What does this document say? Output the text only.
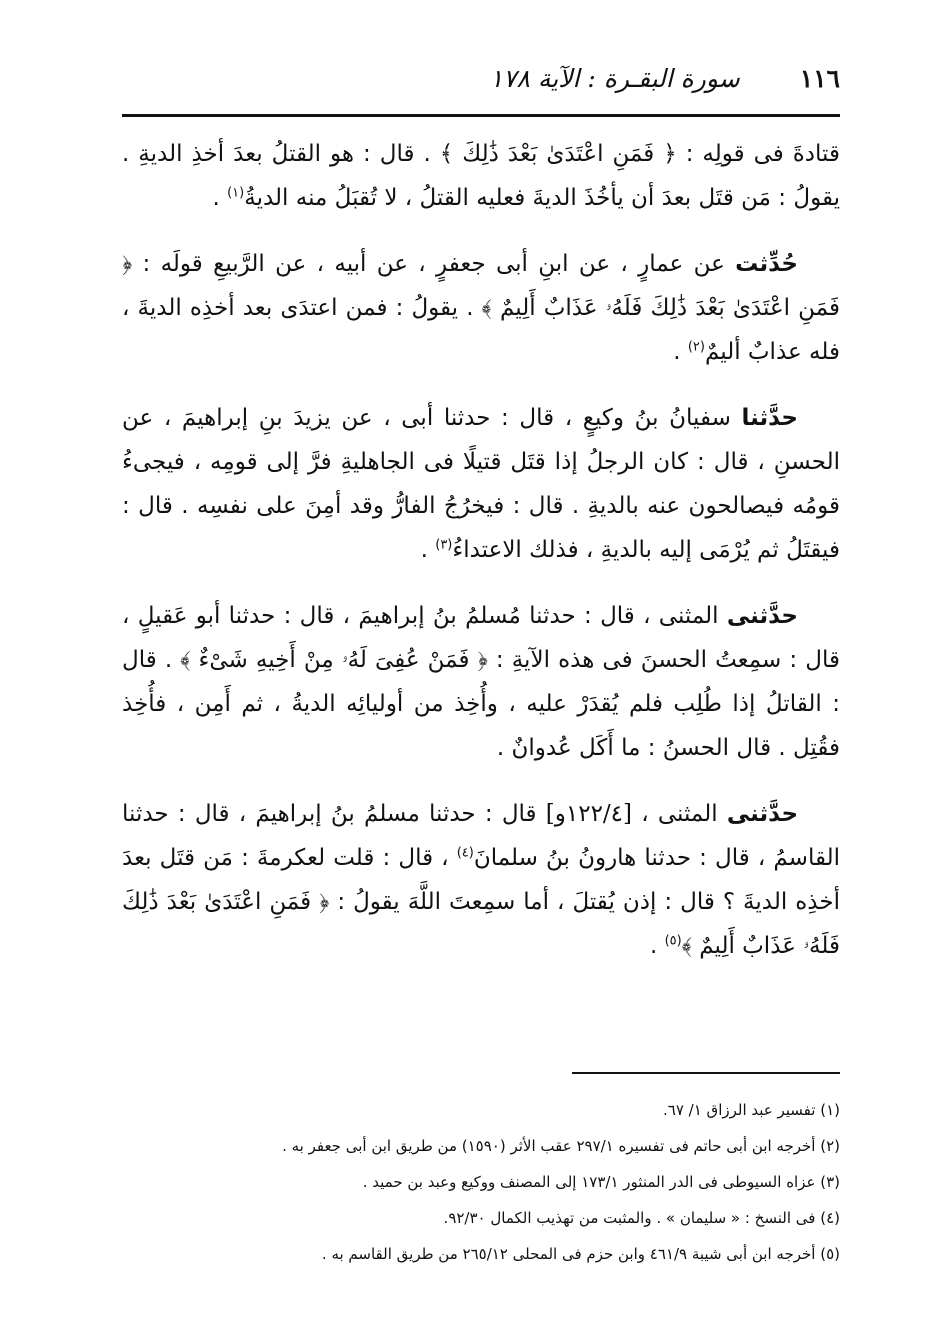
١١٦
سورة البقـرة : الآية ١٧٨

قتادةَ فى قولِه : ﴿ فَمَنِ اعْتَدَىٰ بَعْدَ ذَٰلِكَ ﴾ . قال : هو القتلُ بعدَ أخذِ الديةِ . يقولُ : مَن قتَل بعدَ أن يأخُذَ الديةَ فعليه القتلُ ، لا تُقبَلُ منه الديةُ$^{(١)}$ .

حُدِّثت عن عمارٍ ، عن ابنِ أبى جعفرٍ ، عن أبيه ، عن الرَّبيعِ قولَه : ﴿ فَمَنِ اعْتَدَىٰ بَعْدَ ذَٰلِكَ فَلَهُۥ عَذَابٌ أَلِيمٌ ﴾ . يقولُ : فمن اعتدَى بعد أخذِه الديةَ ، فله عذابٌ أليمٌ$^{(٢)}$ .

حدَّثنا سفيانُ بنُ وكيعٍ ، قال : حدثنا أبى ، عن يزيدَ بنِ إبراهيمَ ، عن الحسنِ ، قال : كان الرجلُ إذا قتَل قتيلًا فى الجاهليةِ فرَّ إلى قومِه ، فيجىءُ قومُه فيصالحون عنه بالديةِ . قال : فيخرُجُ الفارُّ وقد أمِنَ على نفسِه . قال : فيقتَلُ ثم يُرْمَى إليه بالديةِ ، فذلك الاعتداءُ$^{(٣)}$ .

حدَّثنى المثنى ، قال : حدثنا مُسلمُ بنُ إبراهيمَ ، قال : حدثنا أبو عَقيلٍ ، قال : سمِعتُ الحسنَ فى هذه الآيةِ : ﴿ فَمَنْ عُفِىَ لَهُۥ مِنْ أَخِيهِ شَىْءٌ ﴾ . قال : القاتلُ إذا طُلِب فلم يُقدَرْ عليه ، وأُخِذ من أوليائِه الديةُ ، ثم أَمِن ، فأُخِذ فقُتِل . قال الحسنُ : ما أَكَل عُدوانٌ .

حدَّثنى المثنى ، [١٢٢/٤و] قال : حدثنا مسلمُ بنُ إبراهيمَ ، قال : حدثنا القاسمُ ، قال : حدثنا هارونُ بنُ سلمانَ$^{(٤)}$ ، قال : قلت لعكرمةَ : مَن قتَل بعدَ أخذِه الديةَ ؟ قال : إذن يُقتلَ ، أما سمِعتَ اللَّهَ يقولُ : ﴿ فَمَنِ اعْتَدَىٰ بَعْدَ ذَٰلِكَ فَلَهُۥ عَذَابٌ أَلِيمٌ ﴾$^{(٥)}$ .

(١) تفسير عبد الرزاق ١/ ٦٧.
(٢) أخرجه ابن أبى حاتم فى تفسيره ٢٩٧/١ عقب الأثر (١٥٩٠) من طريق ابن أبى جعفر به .
(٣) عزاه السيوطى فى الدر المنثور ١٧٣/١ إلى المصنف ووكيع وعبد بن حميد .
(٤) فى النسخ : « سليمان » . والمثبت من تهذيب الكمال ٩٢/٣٠.
(٥) أخرجه ابن أبى شيبة ٤٦١/٩ وابن حزم فى المحلى ٢٦٥/١٢ من طريق القاسم به .
